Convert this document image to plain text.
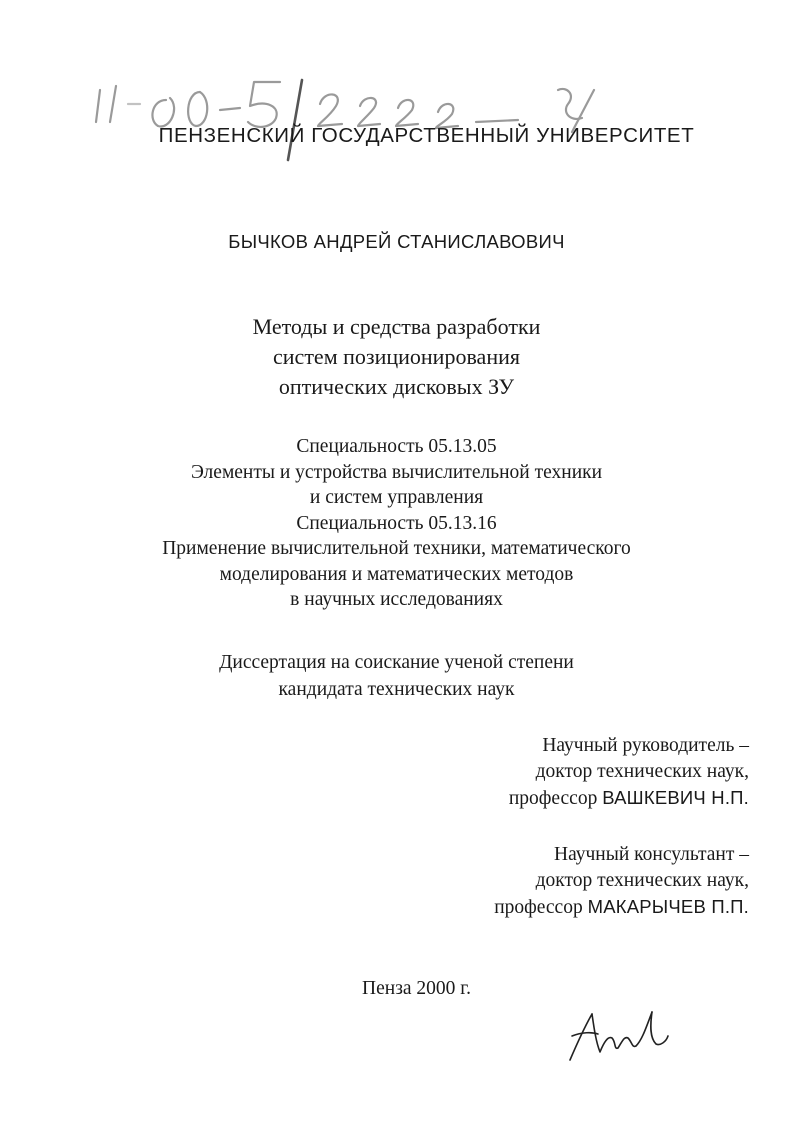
ПЕНЗЕНСКИЙ ГОСУДАРСТВЕННЫЙ УНИВЕРСИТЕТ
БЫЧКОВ АНДРЕЙ СТАНИСЛАВОВИЧ
Методы и средства разработки
систем позиционирования
оптических дисковых ЗУ
Специальность 05.13.05
Элементы и устройства вычислительной техники
и систем управления
Специальность 05.13.16
Применение вычислительной техники, математического
моделирования и математических методов
в научных исследованиях
Диссертация на соискание ученой степени
кандидата технических наук
Научный руководитель –
доктор технических наук,
профессор ВАШКЕВИЧ Н.П.
Научный консультант –
доктор технических наук,
профессор МАКАРЫЧЕВ П.П.
Пенза 2000 г.
